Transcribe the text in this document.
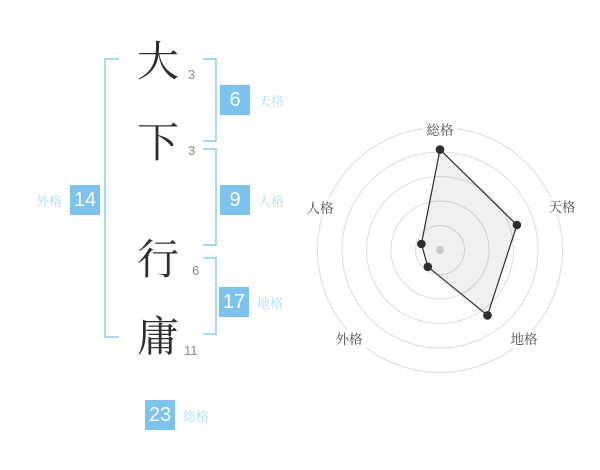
大
下
行
庸
3
3
6
11
6	天格
9	人格
外格 14
17 地格
23 総格
総格
天格
地格
外格
人格
